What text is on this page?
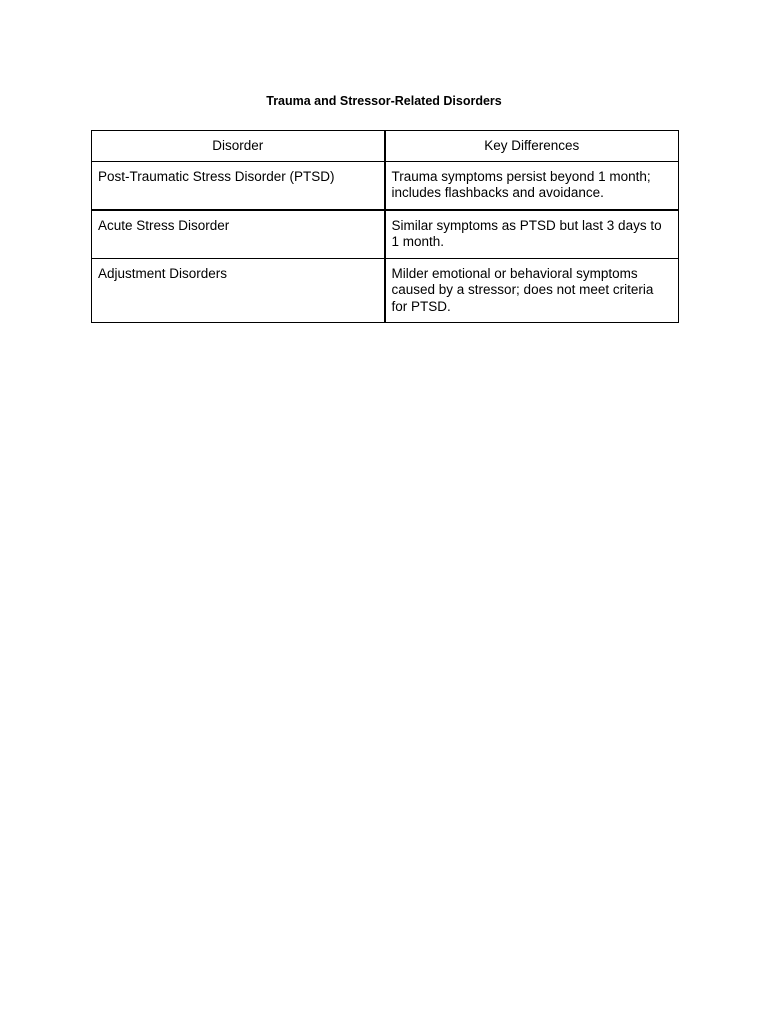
Trauma and Stressor-Related Disorders
Disorder	Key Differences
Post-Traumatic Stress Disorder (PTSD)	Trauma symptoms persist beyond 1 month; includes flashbacks and avoidance.
Acute Stress Disorder	Similar symptoms as PTSD but last 3 days to 1 month.
Adjustment Disorders	Milder emotional or behavioral symptoms caused by a stressor; does not meet criteria for PTSD.
